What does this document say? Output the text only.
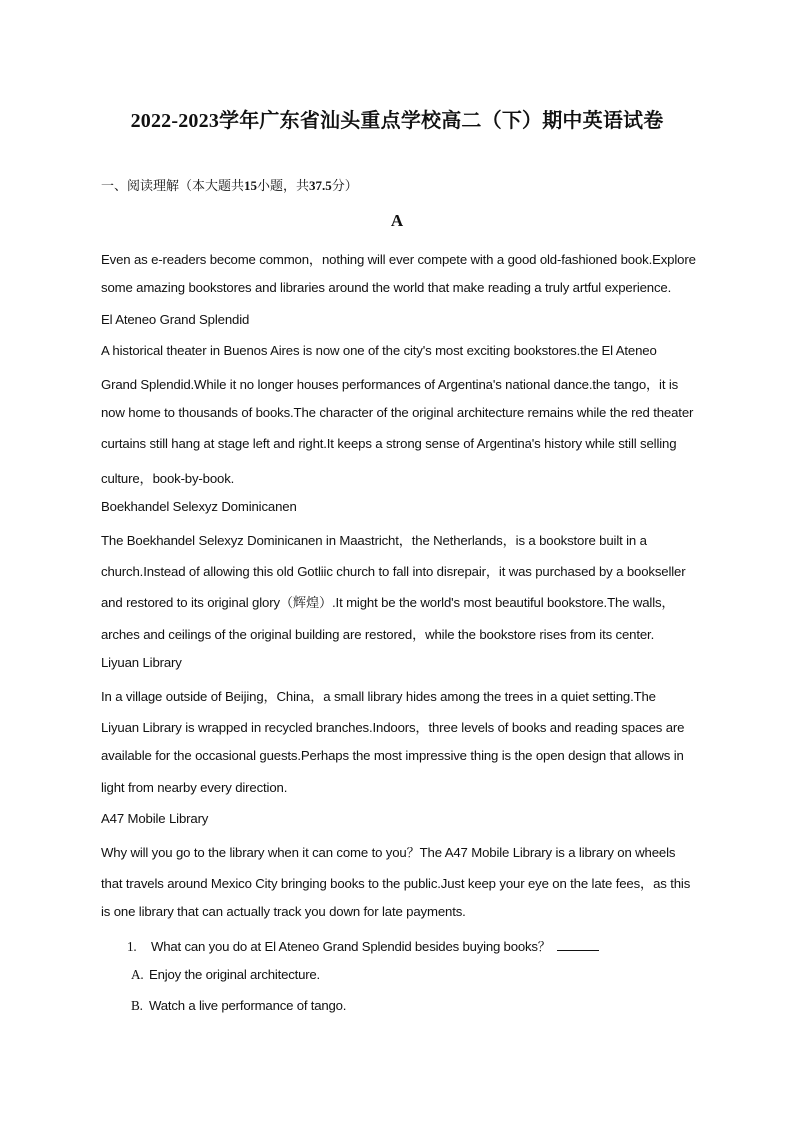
2022-2023学年广东省汕头重点学校高二（下）期中英语试卷
一、阅读理解（本大题共15小题，共37.5分）
A
Even as e-readers become common，nothing will ever compete with a good old-fashioned book.Explore
some amazing bookstores and libraries around the world that make reading a truly artful experience.
El Ateneo Grand Splendid
A historical theater in Buenos Aires is now one of the city's most exciting bookstores.the El Ateneo
Grand Splendid.While it no longer houses performances of Argentina's national dance.the tango，it is
now home to thousands of books.The character of the original architecture remains while the red theater
curtains still hang at stage left and right.It keeps a strong sense of Argentina's history while still selling
culture，book-by-book.
Boekhandel Selexyz Dominicanen
The Boekhandel Selexyz Dominicanen in Maastricht，the Netherlands，is a bookstore built in a
church.Instead of allowing this old Gotliic church to fall into disrepair，it was purchased by a bookseller
and restored to its original glory（辉煌）.It might be the world's most beautiful bookstore.The walls，
arches and ceilings of the original building are restored，while the bookstore rises from its center.
Liyuan Library
In a village outside of Beijing，China，a small library hides among the trees in a quiet setting.The
Liyuan Library is wrapped in recycled branches.Indoors，three levels of books and reading spaces are
available for the occasional guests.Perhaps the most impressive thing is the open design that allows in
light from nearby every direction.
A47 Mobile Library
Why will you go to the library when it can come to you？The A47 Mobile Library is a library on wheels
that travels around Mexico City bringing books to the public.Just keep your eye on the late fees，as this
is one library that can actually track you down for late payments.
1. What can you do at El Ateneo Grand Splendid besides buying books？
A. Enjoy the original architecture.
B. Watch a live performance of tango.
